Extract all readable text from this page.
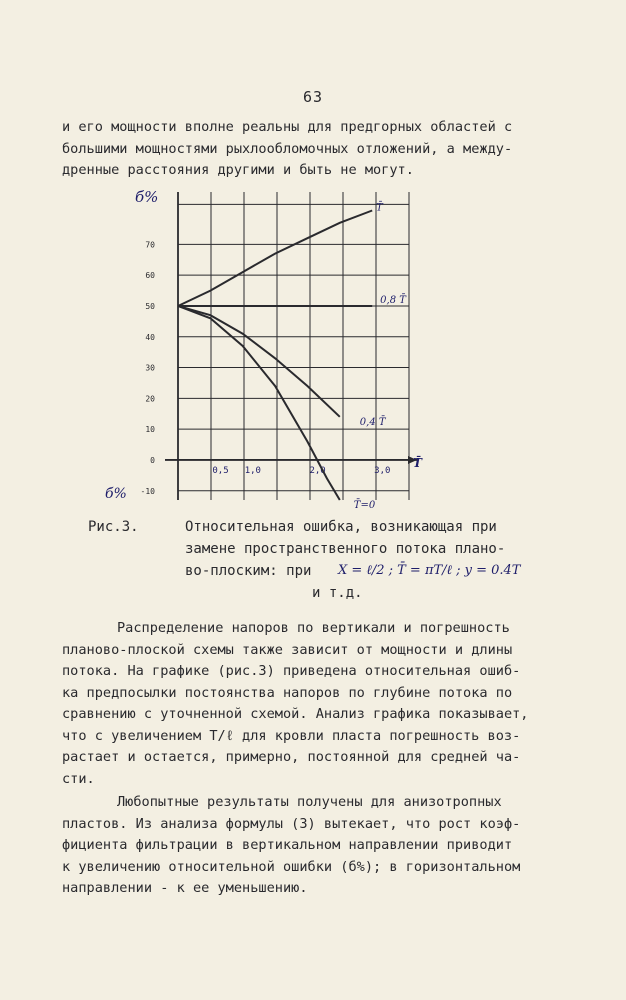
63
и его мощности вполне реальны для предгорных областей с
большими мощностями рыхлообломочных отложений, а междy-
дренные расстояния другими и быть не могут.
-10
0
10
20
30
40
50
60
70
0,5 1,0	2,0	3,0
T̄
0,8 T̄
0,4 T̄
T̄=0
б%
б%
T̄
Рис.3.	Относительная ошибка, возникающая при
замене пространственного потока плано-
во-плоским: при X = ℓ/2 ; T̄ = πT/ℓ ; y = 0.4T
и т.д.
Распределение напоров по вертикали и погрешность
планово-плоской схемы также зависит от мощности и длины
потока. На графике (рис.3) приведена относительная ошиб-
ка предпосылки постоянства напоров по глубине потока по
сравнению с уточненной схемой. Анализ графика показывает,
что с увеличением T/ℓ для кровли пласта погрешность воз-
растает и остается, примерно, постоянной для средней ча-
сти.
Любопытные результаты получены для анизотропных
пластов. Из анализа формулы (3) вытекает, что рост коэф-
фициента фильтрации в вертикальном направлении приводит
к увеличению относительной ошибки (б%); в горизонтальном
направлении - к ее уменьшению.
